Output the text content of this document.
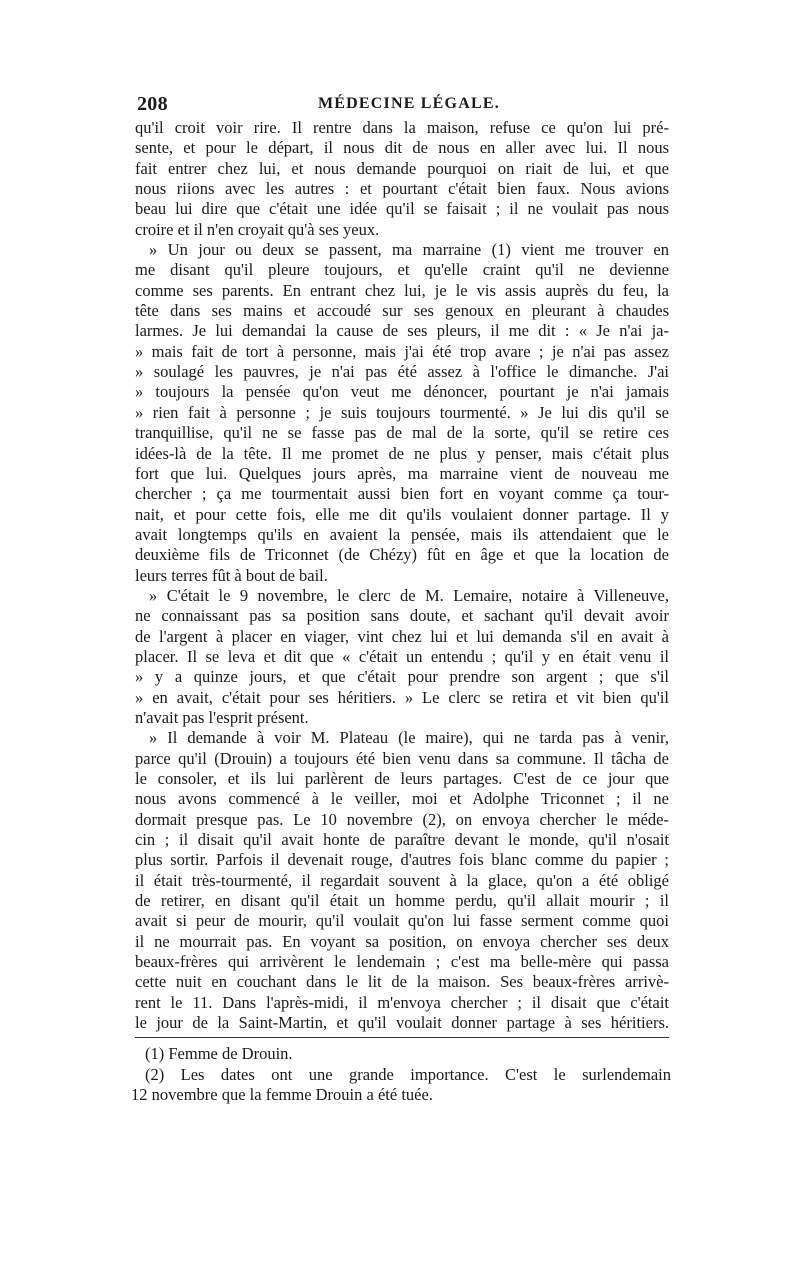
208	MÉDECINE LÉGALE.
qu'il croit voir rire. Il rentre dans la maison, refuse ce qu'on lui pré-
sente, et pour le départ, il nous dit de nous en aller avec lui. Il nous
fait entrer chez lui, et nous demande pourquoi on riait de lui, et que
nous riions avec les autres : et pourtant c'était bien faux. Nous avions
beau lui dire que c'était une idée qu'il se faisait ; il ne voulait pas nous
croire et il n'en croyait qu'à ses yeux.
» Un jour ou deux se passent, ma marraine (1) vient me trouver en
me disant qu'il pleure toujours, et qu'elle craint qu'il ne devienne
comme ses parents. En entrant chez lui, je le vis assis auprès du feu, la
tête dans ses mains et accoudé sur ses genoux en pleurant à chaudes
larmes. Je lui demandai la cause de ses pleurs, il me dit : « Je n'ai ja-
» mais fait de tort à personne, mais j'ai été trop avare ; je n'ai pas assez
» soulagé les pauvres, je n'ai pas été assez à l'office le dimanche. J'ai
» toujours la pensée qu'on veut me dénoncer, pourtant je n'ai jamais
» rien fait à personne ; je suis toujours tourmenté. » Je lui dis qu'il se
tranquillise, qu'il ne se fasse pas de mal de la sorte, qu'il se retire ces
idées-là de la tête. Il me promet de ne plus y penser, mais c'était plus
fort que lui. Quelques jours après, ma marraine vient de nouveau me
chercher ; ça me tourmentait aussi bien fort en voyant comme ça tour-
nait, et pour cette fois, elle me dit qu'ils voulaient donner partage. Il y
avait longtemps qu'ils en avaient la pensée, mais ils attendaient que le
deuxième fils de Triconnet (de Chézy) fût en âge et que la location de
leurs terres fût à bout de bail.
» C'était le 9 novembre, le clerc de M. Lemaire, notaire à Villeneuve,
ne connaissant pas sa position sans doute, et sachant qu'il devait avoir
de l'argent à placer en viager, vint chez lui et lui demanda s'il en avait à
placer. Il se leva et dit que « c'était un entendu ; qu'il y en était venu il
» y a quinze jours, et que c'était pour prendre son argent ; que s'il
» en avait, c'était pour ses héritiers. » Le clerc se retira et vit bien qu'il
n'avait pas l'esprit présent.
» Il demande à voir M. Plateau (le maire), qui ne tarda pas à venir,
parce qu'il (Drouin) a toujours été bien venu dans sa commune. Il tâcha de
le consoler, et ils lui parlèrent de leurs partages. C'est de ce jour que
nous avons commencé à le veiller, moi et Adolphe Triconnet ; il ne
dormait presque pas. Le 10 novembre (2), on envoya chercher le méde-
cin ; il disait qu'il avait honte de paraître devant le monde, qu'il n'osait
plus sortir. Parfois il devenait rouge, d'autres fois blanc comme du papier ;
il était très-tourmenté, il regardait souvent à la glace, qu'on a été obligé
de retirer, en disant qu'il était un homme perdu, qu'il allait mourir ; il
avait si peur de mourir, qu'il voulait qu'on lui fasse serment comme quoi
il ne mourrait pas. En voyant sa position, on envoya chercher ses deux
beaux-frères qui arrivèrent le lendemain ; c'est ma belle-mère qui passa
cette nuit en couchant dans le lit de la maison. Ses beaux-frères arrivè-
rent le 11. Dans l'après-midi, il m'envoya chercher ; il disait que c'était
le jour de la Saint-Martin, et qu'il voulait donner partage à ses héritiers.
(1) Femme de Drouin.
(2) Les dates ont une grande importance. C'est le surlendemain
12 novembre que la femme Drouin a été tuée.
